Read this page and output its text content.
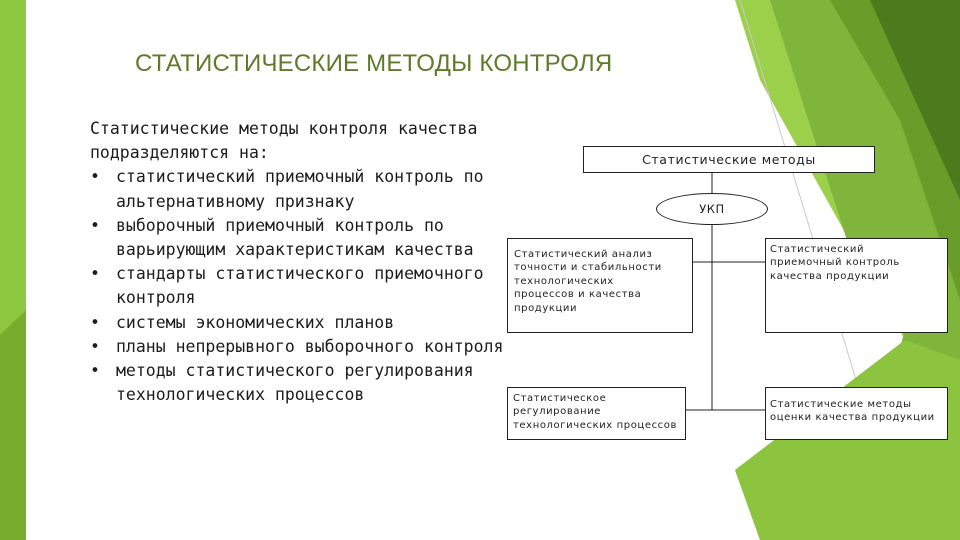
СТАТИСТИЧЕСКИЕ МЕТОДЫ КОНТРОЛЯ
Статистические методы контроля качества
подразделяются на:
• статистический приемочный контроль по
альтернативному признаку
• выборочный приемочный контроль по
варьирующим характеристикам качества
• стандарты статистического приемочного
контроля
• системы экономических планов
• планы непрерывного выборочного контроля
• методы статистического регулирования
технологических процессов
Статистические методы
УКП
Статистический анализ
точности и стабильности
технологических
процессов и качества
продукции
Статистический
приемочный контроль
качества продукции
Статистическое
регулирование
технологических процессов
Статистические методы
оценки качества продукции
